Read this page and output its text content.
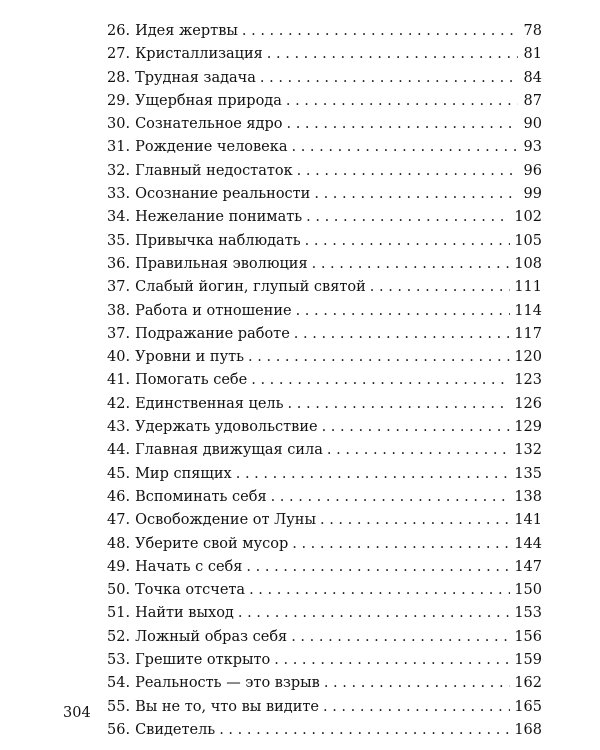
26. Идея жертвы . . .	78
27. Кристаллизация . . .	81
28. Трудная задача . . .	84
29. Ущербная природа . . .	87
30. Сознательное ядро . . .	90
31. Рождение человека . . .	93
32. Главный недостаток . . .	96
33. Осознание реальности . . .	99
34. Нежелание понимать . . .	102
35. Привычка наблюдать . . .	105
36. Правильная эволюция . . .	108
37. Слабый йогин, глупый святой . . .	111
38. Работа и отношение . . .	114
37. Подражание работе . . .	117
40. Уровни и путь . . .	120
41. Помогать себе . . .	123
42. Единственная цель . . .	126
43. Удержать удовольствие . . .	129
44. Главная движущая сила . . .	132
45. Мир спящих . . .	135
46. Вспоминать себя . . .	138
47. Освобождение от Луны . . .	141
48. Уберите свой мусор . . .	144
49. Начать с себя . . .	147
50. Точка отсчета . . .	150
51. Найти выход . . .	153
52. Ложный образ себя . . .	156
53. Грешите открыто . . .	159
54. Реальность — это взрыв . . .	162
55. Вы не то, что вы видите . . .	165
56. Свидетель . . .	168
304
